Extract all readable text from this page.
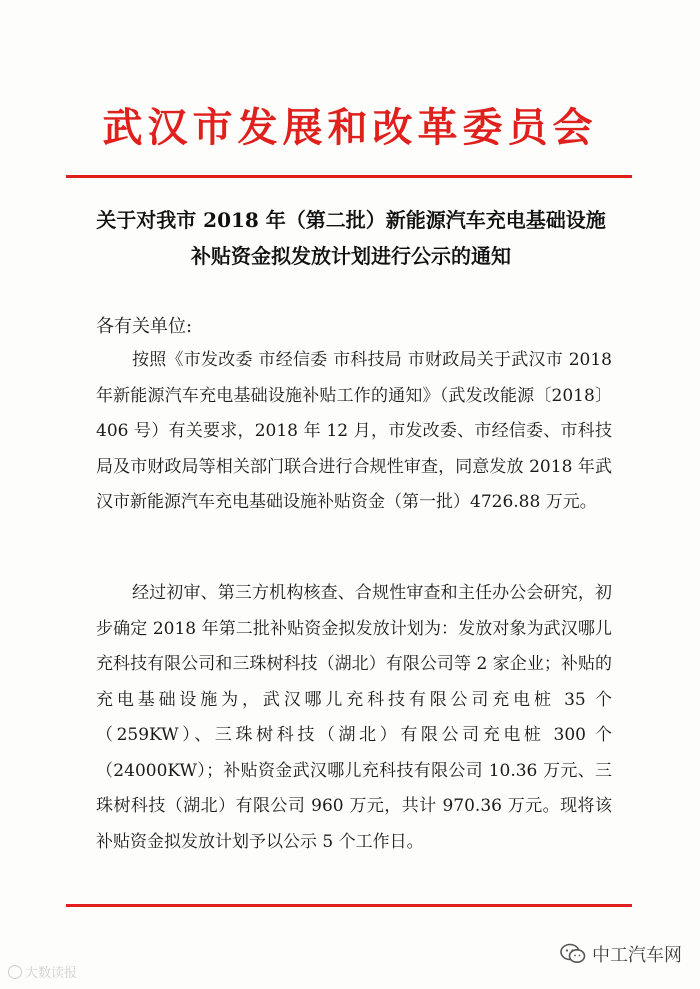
武汉市发展和改革委员会
关于对我市 2018 年（第二批）新能源汽车充电基础设施补贴资金拟发放计划进行公示的通知
各有关单位:

按照《市发改委 市经信委 市科技局 市财政局关于武汉市 2018 年新能源汽车充电基础设施补贴工作的通知》（武发改能源〔2018〕406 号）有关要求，2018 年 12 月，市发改委、市经信委、市科技局及市财政局等相关部门联合进行合规性审查，同意发放 2018 年武汉市新能源汽车充电基础设施补贴资金（第一批）4726.88 万元。

经过初审、第三方机构核查、合规性审查和主任办公会研究，初步确定 2018 年第二批补贴资金拟发放计划为：发放对象为武汉哪儿充科技有限公司和三珠树科技（湖北）有限公司等 2 家企业；补贴的充电基础设施为，武汉哪儿充科技有限公司充电桩 35 个（259KW）、三珠树科技（湖北）有限公司充电桩 300 个（24000KW）；补贴资金武汉哪儿充科技有限公司 10.36 万元、三珠树科技（湖北）有限公司 960 万元，共计 970.36 万元。现将该补贴资金拟发放计划予以公示 5 个工作日。

大数读报
中工汽车网
